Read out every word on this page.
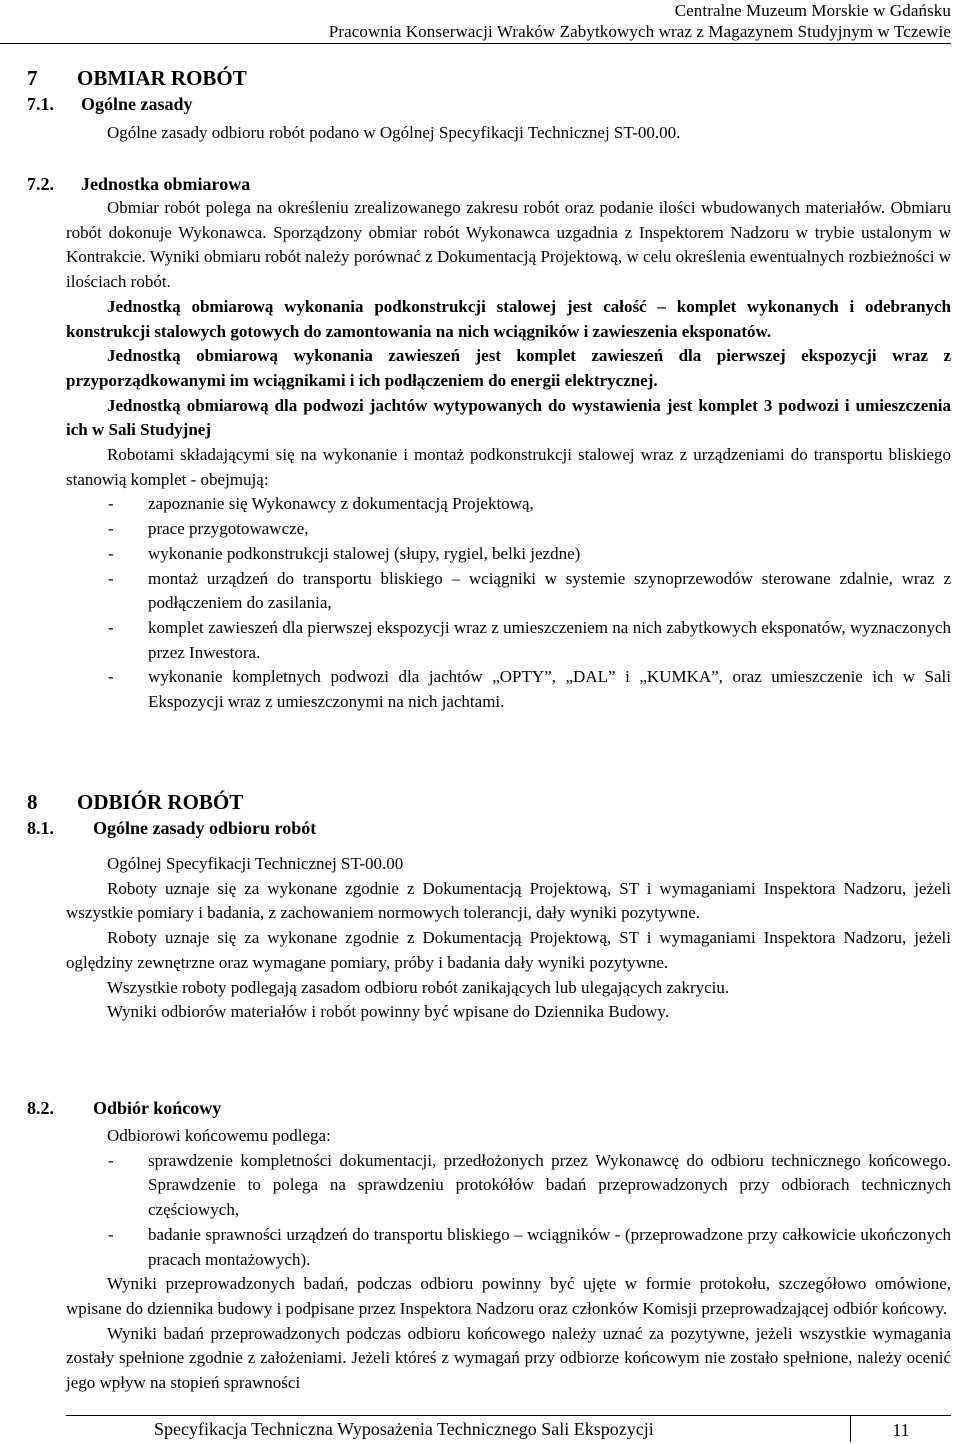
Centralne Muzeum Morskie w Gdańsku
Pracownia Konserwacji Wraków Zabytkowych wraz z Magazynem Studyjnym w Tczewie
7 OBMIAR ROBÓT
7.1. Ogólne zasady

Ogólne zasady odbioru robót podano w Ogólnej Specyfikacji Technicznej ST-00.00.

7.2. Jednostka obmiarowa

Obmiar robót polega na określeniu zrealizowanego zakresu robót oraz podanie ilości wbudowanych materiałów. Obmiaru robót dokonuje Wykonawca. Sporządzony obmiar robót Wykonawca uzgadnia z Inspektorem Nadzoru w trybie ustalonym w Kontrakcie. Wyniki obmiaru robót należy porównać z Dokumentacją Projektową, w celu określenia ewentualnych rozbieżności w ilościach robót.

Jednostką obmiarową wykonania podkonstrukcji stalowej jest całość – komplet wykonanych i odebranych konstrukcji stalowych gotowych do zamontowania na nich wciągników i zawieszenia eksponatów.

Jednostką obmiarową wykonania zawieszeń jest komplet zawieszeń dla pierwszej ekspozycji wraz z przyporządkowanymi im wciągnikami i ich podłączeniem do energii elektrycznej.

Jednostką obmiarową dla podwozi jachtów wytypowanych do wystawienia jest komplet 3 podwozi i umieszczenia ich w Sali Studyjnej

Robotami składającymi się na wykonanie i montaż podkonstrukcji stalowej wraz z urządzeniami do transportu bliskiego stanowią komplet - obejmują:

- zapoznanie się Wykonawcy z dokumentacją Projektową,
- prace przygotowawcze,
- wykonanie podkonstrukcji stalowej (słupy, rygiel, belki jezdne)
- montaż urządzeń do transportu bliskiego – wciągniki w systemie szynoprzewodów sterowane zdalnie, wraz z podłączeniem do zasilania,
- komplet zawieszeń dla pierwszej ekspozycji wraz z umieszczeniem na nich zabytkowych eksponatów, wyznaczonych przez Inwestora.
- wykonanie kompletnych podwozi dla jachtów „OPTY”, „DAL” i „KUMKA”, oraz umieszczenie ich w Sali Ekspozycji wraz z umieszczonymi na nich jachtami.
8 ODBIÓR ROBÓT
8.1. Ogólne zasady odbioru robót

Ogólnej Specyfikacji Technicznej ST-00.00

Roboty uznaje się za wykonane zgodnie z Dokumentacją Projektową, ST i wymaganiami Inspektora Nadzoru, jeżeli wszystkie pomiary i badania, z zachowaniem normowych tolerancji, dały wyniki pozytywne.

Roboty uznaje się za wykonane zgodnie z Dokumentacją Projektową, ST i wymaganiami Inspektora Nadzoru, jeżeli oględziny zewnętrzne oraz wymagane pomiary, próby i badania dały wyniki pozytywne.

Wszystkie roboty podlegają zasadom odbioru robót zanikających lub ulegających zakryciu.

Wyniki odbiorów materiałów i robót powinny być wpisane do Dziennika Budowy.

8.2. Odbiór końcowy

Odbiorowi końcowemu podlega:

- sprawdzenie kompletności dokumentacji, przedłożonych przez Wykonawcę do odbioru technicznego końcowego. Sprawdzenie to polega na sprawdzeniu protokółów badań przeprowadzonych przy odbiorach technicznych częściowych,
- badanie sprawności urządzeń do transportu bliskiego – wciągników - (przeprowadzone przy całkowicie ukończonych pracach montażowych).

Wyniki przeprowadzonych badań, podczas odbioru powinny być ujęte w formie protokołu, szczegółowo omówione, wpisane do dziennika budowy i podpisane przez Inspektora Nadzoru oraz członków Komisji przeprowadzającej odbiór końcowy.

Wyniki badań przeprowadzonych podczas odbioru końcowego należy uznać za pozytywne, jeżeli wszystkie wymagania zostały spełnione zgodnie z założeniami. Jeżeli któreś z wymagań przy odbiorze końcowym nie zostało spełnione, należy ocenić jego wpływ na stopień sprawności

Specyfikacja Techniczna Wyposażenia Technicznego Sali Ekspozycji	11
